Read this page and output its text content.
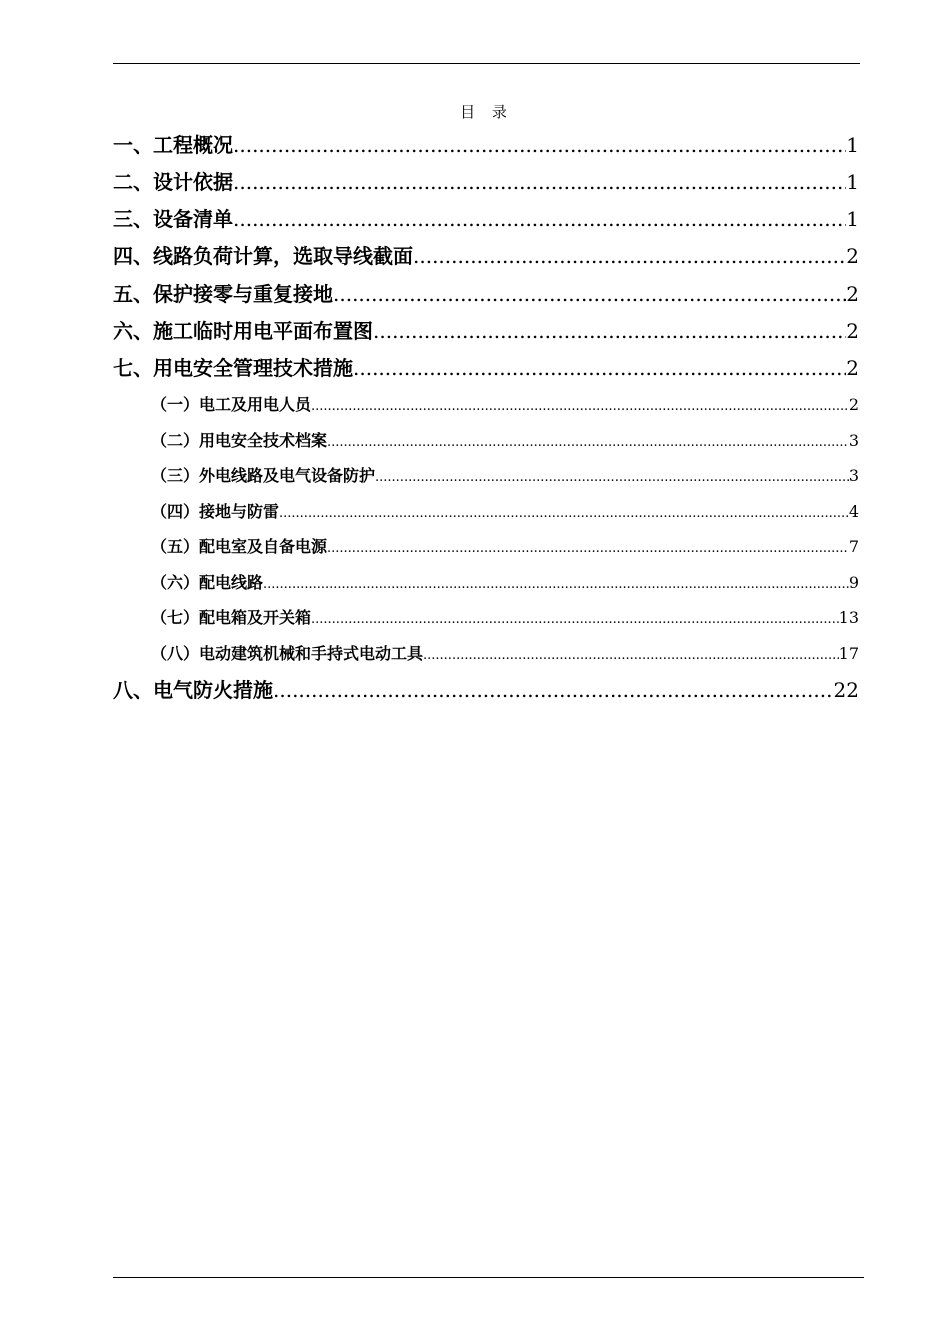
目 录
一、工程概况 .....	1
二、设计依据 .....	1
三、设备清单 .....	1
四、线路负荷计算，选取导线截面 .....	2
五、保护接零与重复接地 .....	2
六、施工临时用电平面布置图 .....	2
七、用电安全管理技术措施 .....	2
（一）电工及用电人员 .....	2
（二）用电安全技术档案 .....	3
（三）外电线路及电气设备防护 .....	3
（四）接地与防雷 .....	4
（五）配电室及自备电源 .....	7
（六）配电线路 .....	9
（七）配电箱及开关箱 .....	13
（八）电动建筑机械和手持式电动工具 .....	17
八、电气防火措施 .....	22
